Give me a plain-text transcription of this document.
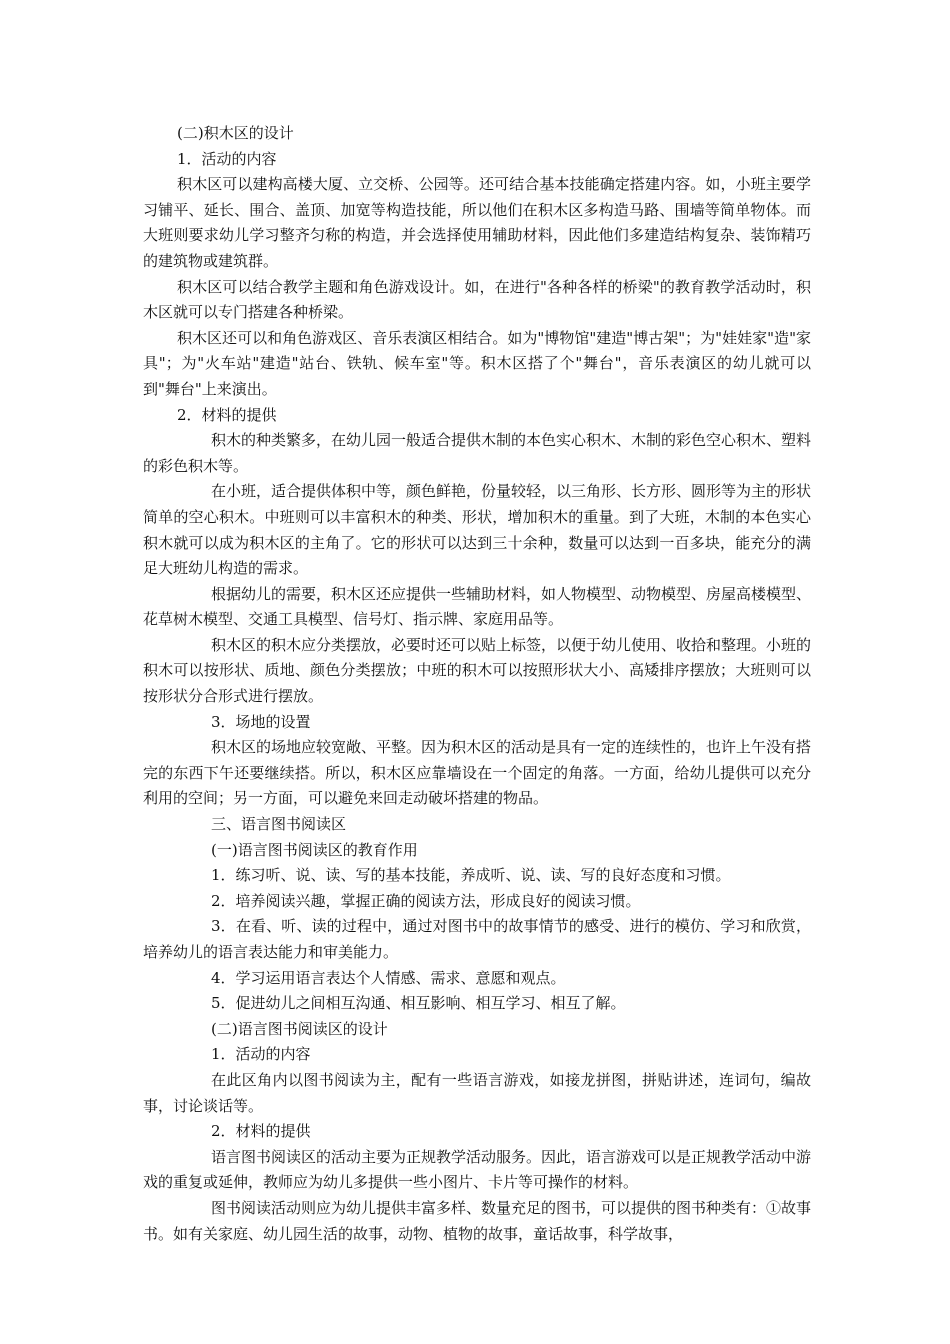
(二)积木区的设计

1．活动的内容

积木区可以建构高楼大厦、立交桥、公园等。还可结合基本技能确定搭建内容。如，小班主要学习铺平、延长、围合、盖顶、加宽等构造技能，所以他们在积木区多构造马路、围墙等简单物体。而大班则要求幼儿学习整齐匀称的构造，并会选择使用辅助材料，因此他们多建造结构复杂、装饰精巧的建筑物或建筑群。

积木区可以结合教学主题和角色游戏设计。如，在进行"各种各样的桥梁"的教育教学活动时，积木区就可以专门搭建各种桥梁。

积木区还可以和角色游戏区、音乐表演区相结合。如为"博物馆"建造"博古架"；为"娃娃家"造"家具"；为"火车站"建造"站台、铁轨、候车室"等。积木区搭了个"舞台"，音乐表演区的幼儿就可以到"舞台"上来演出。

2．材料的提供

积木的种类繁多，在幼儿园一般适合提供木制的本色实心积木、木制的彩色空心积木、塑料的彩色积木等。

在小班，适合提供体积中等，颜色鲜艳，份量较轻，以三角形、长方形、圆形等为主的形状简单的空心积木。中班则可以丰富积木的种类、形状，增加积木的重量。到了大班，木制的本色实心积木就可以成为积木区的主角了。它的形状可以达到三十余种，数量可以达到一百多块，能充分的满足大班幼儿构造的需求。

根据幼儿的需要，积木区还应提供一些辅助材料，如人物模型、动物模型、房屋高楼模型、花草树木模型、交通工具模型、信号灯、指示牌、家庭用品等。

积木区的积木应分类摆放，必要时还可以贴上标签，以便于幼儿使用、收拾和整理。小班的积木可以按形状、质地、颜色分类摆放；中班的积木可以按照形状大小、高矮排序摆放；大班则可以按形状分合形式进行摆放。

3．场地的设置

积木区的场地应较宽敞、平整。因为积木区的活动是具有一定的连续性的，也许上午没有搭完的东西下午还要继续搭。所以，积木区应靠墙设在一个固定的角落。一方面，给幼儿提供可以充分利用的空间；另一方面，可以避免来回走动破坏搭建的物品。

三、语言图书阅读区

(一)语言图书阅读区的教育作用

1．练习听、说、读、写的基本技能，养成听、说、读、写的良好态度和习惯。

2．培养阅读兴趣，掌握正确的阅读方法，形成良好的阅读习惯。

3．在看、听、读的过程中，通过对图书中的故事情节的感受、进行的模仿、学习和欣赏，培养幼儿的语言表达能力和审美能力。

4．学习运用语言表达个人情感、需求、意愿和观点。

5．促进幼儿之间相互沟通、相互影响、相互学习、相互了解。

(二)语言图书阅读区的设计

1．活动的内容

在此区角内以图书阅读为主，配有一些语言游戏，如接龙拼图，拼贴讲述，连词句，编故事，讨论谈话等。

2．材料的提供

语言图书阅读区的活动主要为正规教学活动服务。因此，语言游戏可以是正规教学活动中游戏的重复或延伸，教师应为幼儿多提供一些小图片、卡片等可操作的材料。

图书阅读活动则应为幼儿提供丰富多样、数量充足的图书，可以提供的图书种类有：①故事书。如有关家庭、幼儿园生活的故事，动物、植物的故事，童话故事，科学故事，
